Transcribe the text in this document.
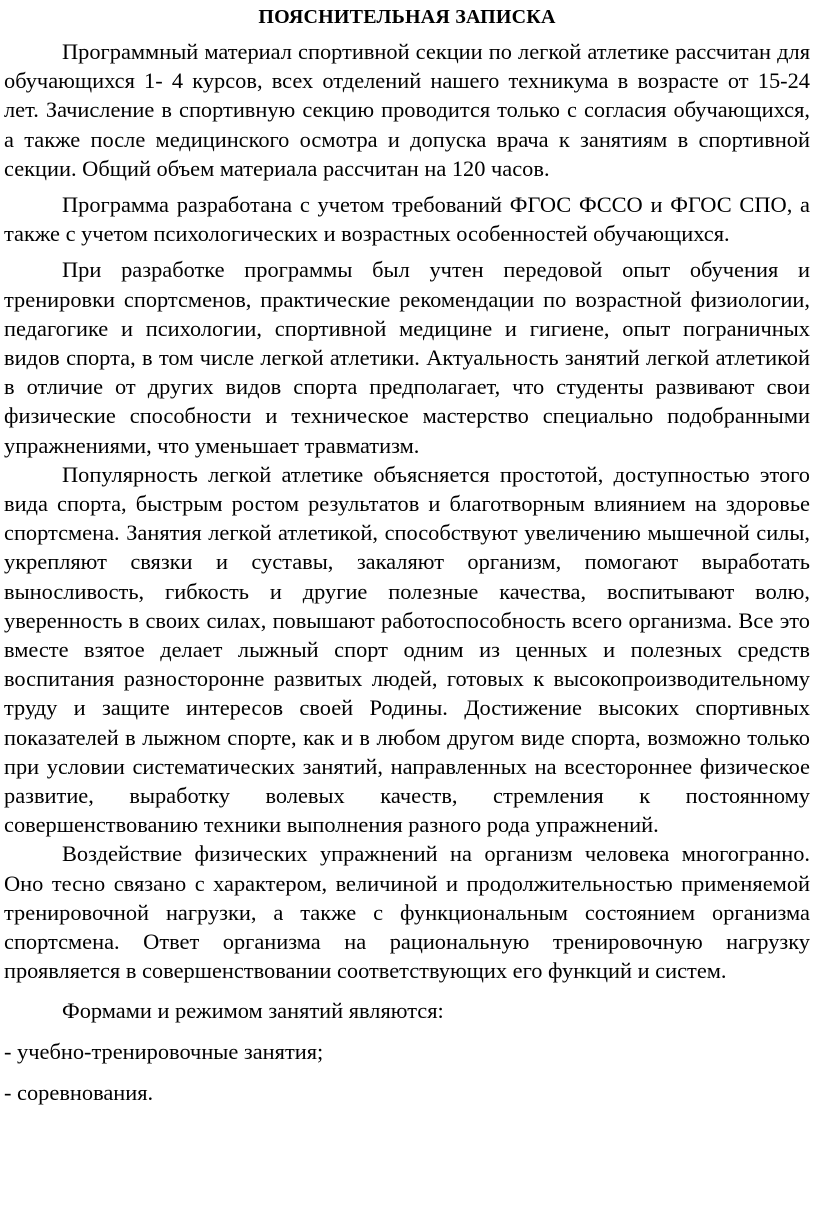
ПОЯСНИТЕЛЬНАЯ ЗАПИСКА

Программный материал спортивной секции по легкой атлетике рассчитан для обучающихся 1- 4 курсов, всех отделений нашего техникума в возрасте от 15-24 лет. Зачисление в спортивную секцию проводится только с согласия обучающихся, а также после медицинского осмотра и допуска врача к занятиям в спортивной секции. Общий объем материала рассчитан на 120 часов.

Программа разработана с учетом требований ФГОС ФССО и ФГОС СПО, а также с учетом психологических и возрастных особенностей обучающихся.

При разработке программы был учтен передовой опыт обучения и тренировки спортсменов, практические рекомендации по возрастной физиологии, педагогике и психологии, спортивной медицине и гигиене, опыт пограничных видов спорта, в том числе легкой атлетики. Актуальность занятий легкой атлетикой в отличие от других видов спорта предполагает, что студенты развивают свои физические способности и техническое мастерство специально подобранными упражнениями, что уменьшает травматизм.

Популярность легкой атлетике объясняется простотой, доступностью этого вида спорта, быстрым ростом результатов и благотворным влиянием на здоровье спортсмена. Занятия легкой атлетикой, способствуют увеличению мышечной силы, укрепляют связки и суставы, закаляют организм, помогают выработать выносливость, гибкость и другие полезные качества, воспитывают волю, уверенность в своих силах, повышают работоспособность всего организма. Все это вместе взятое делает лыжный спорт одним из ценных и полезных средств воспитания разносторонне развитых людей, готовых к высокопроизводительному труду и защите интересов своей Родины. Достижение высоких спортивных показателей в лыжном спорте, как и в любом другом виде спорта, возможно только при условии систематических занятий, направленных на всестороннее физическое развитие, выработку волевых качеств, стремления к постоянному совершенствованию техники выполнения разного рода упражнений.

Воздействие физических упражнений на организм человека многогранно. Оно тесно связано с характером, величиной и продолжительностью применяемой тренировочной нагрузки, а также с функциональным состоянием организма спортсмена. Ответ организма на рациональную тренировочную нагрузку проявляется в совершенствовании соответствующих его функций и систем.

Формами и режимом занятий являются:

- учебно-тренировочные занятия;
- соревнования.
